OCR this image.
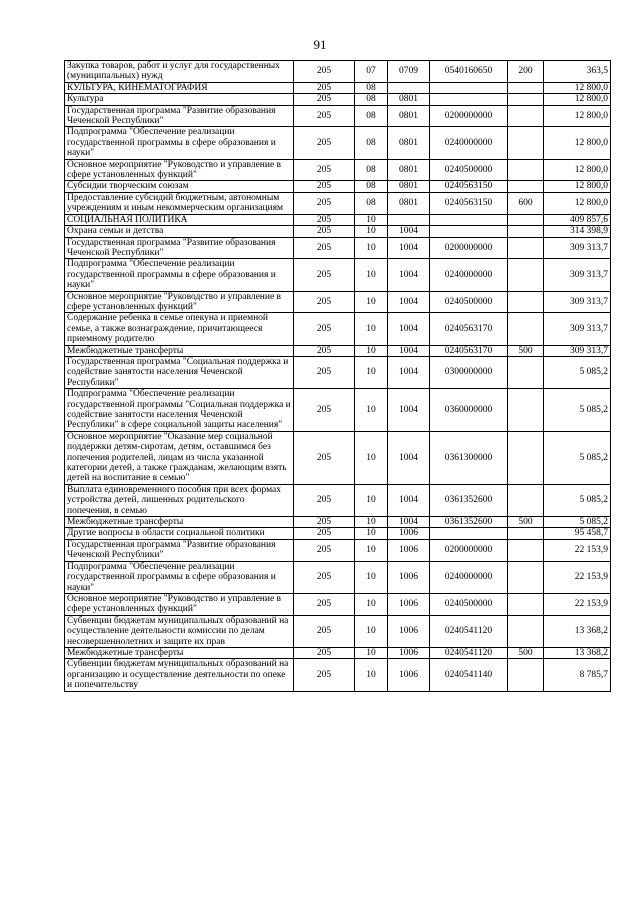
91
Закупка товаров, работ и услуг для государственных (муниципальных) нужд	205	07	0709	0540160650	200	363,5
КУЛЬТУРА, КИНЕМАТОГРАФИЯ	205	08				12 800,0
Культура	205	08	0801			12 800,0
Государственная программа "Развитие образования Чеченской Республики"	205	08	0801	0200000000		12 800,0
Подпрограмма "Обеспечение реализации государственной программы в сфере образования и науки"	205	08	0801	0240000000		12 800,0
Основное мероприятие "Руководство и управление в сфере установленных функций"	205	08	0801	0240500000		12 800,0
Субсидии творческим союзам	205	08	0801	0240563150		12 800,0
Предоставление субсидий бюджетным, автономным учреждениям и иным некоммерческим организациям	205	08	0801	0240563150	600	12 800,0
СОЦИАЛЬНАЯ ПОЛИТИКА	205	10				409 857,6
Охрана семьи и детства	205	10	1004			314 398,9
Государственная программа "Развитие образования Чеченской Республики"	205	10	1004	0200000000		309 313,7
Подпрограмма "Обеспечение реализации государственной программы в сфере образования и науки"	205	10	1004	0240000000		309 313,7
Основное мероприятие "Руководство и управление в сфере установленных функций"	205	10	1004	0240500000		309 313,7
Содержание ребенка в семье опекуна и приемной семье, а также вознаграждение, причитающееся приемному родителю	205	10	1004	0240563170		309 313,7
Межбюджетные трансферты	205	10	1004	0240563170	500	309 313,7
Государственная программа "Социальная поддержка и содействие занятости населения Чеченской Республики"	205	10	1004	0300000000		5 085,2
Подпрограмма "Обеспечение реализации государственной программы "Социальная поддержка и содействие занятости населения Чеченской Республики" в сфере социальной защиты населения"	205	10	1004	0360000000		5 085,2
Основное мероприятие "Оказание мер социальной поддержки детям-сиротам, детям, оставшимся без попечения родителей, лицам из числа указанной категории детей, а также гражданам, желающим взять детей на воспитание в семью"	205	10	1004	0361300000		5 085,2
Выплата единовременного пособия при всех формах устройства детей, лишенных родительского попечения, в семью	205	10	1004	0361352600		5 085,2
Межбюджетные трансферты	205	10	1004	0361352600	500	5 085,2
Другие вопросы в области социальной политики	205	10	1006			95 458,7
Государственная программа "Развитие образования Чеченской Республики"	205	10	1006	0200000000		22 153,9
Подпрограмма "Обеспечение реализации государственной программы в сфере образования и науки"	205	10	1006	0240000000		22 153,9
Основное мероприятие "Руководство и управление в сфере установленных функций"	205	10	1006	0240500000		22 153,9
Субвенции бюджетам муниципальных образований на осуществление деятельности комиссии по делам несовершеннолетних и защите их прав	205	10	1006	0240541120		13 368,2
Межбюджетные трансферты	205	10	1006	0240541120	500	13 368,2
Субвенции бюджетам муниципальных образований на организацию и осуществление деятельности по опеке и попечительству	205	10	1006	0240541140		8 785,7
